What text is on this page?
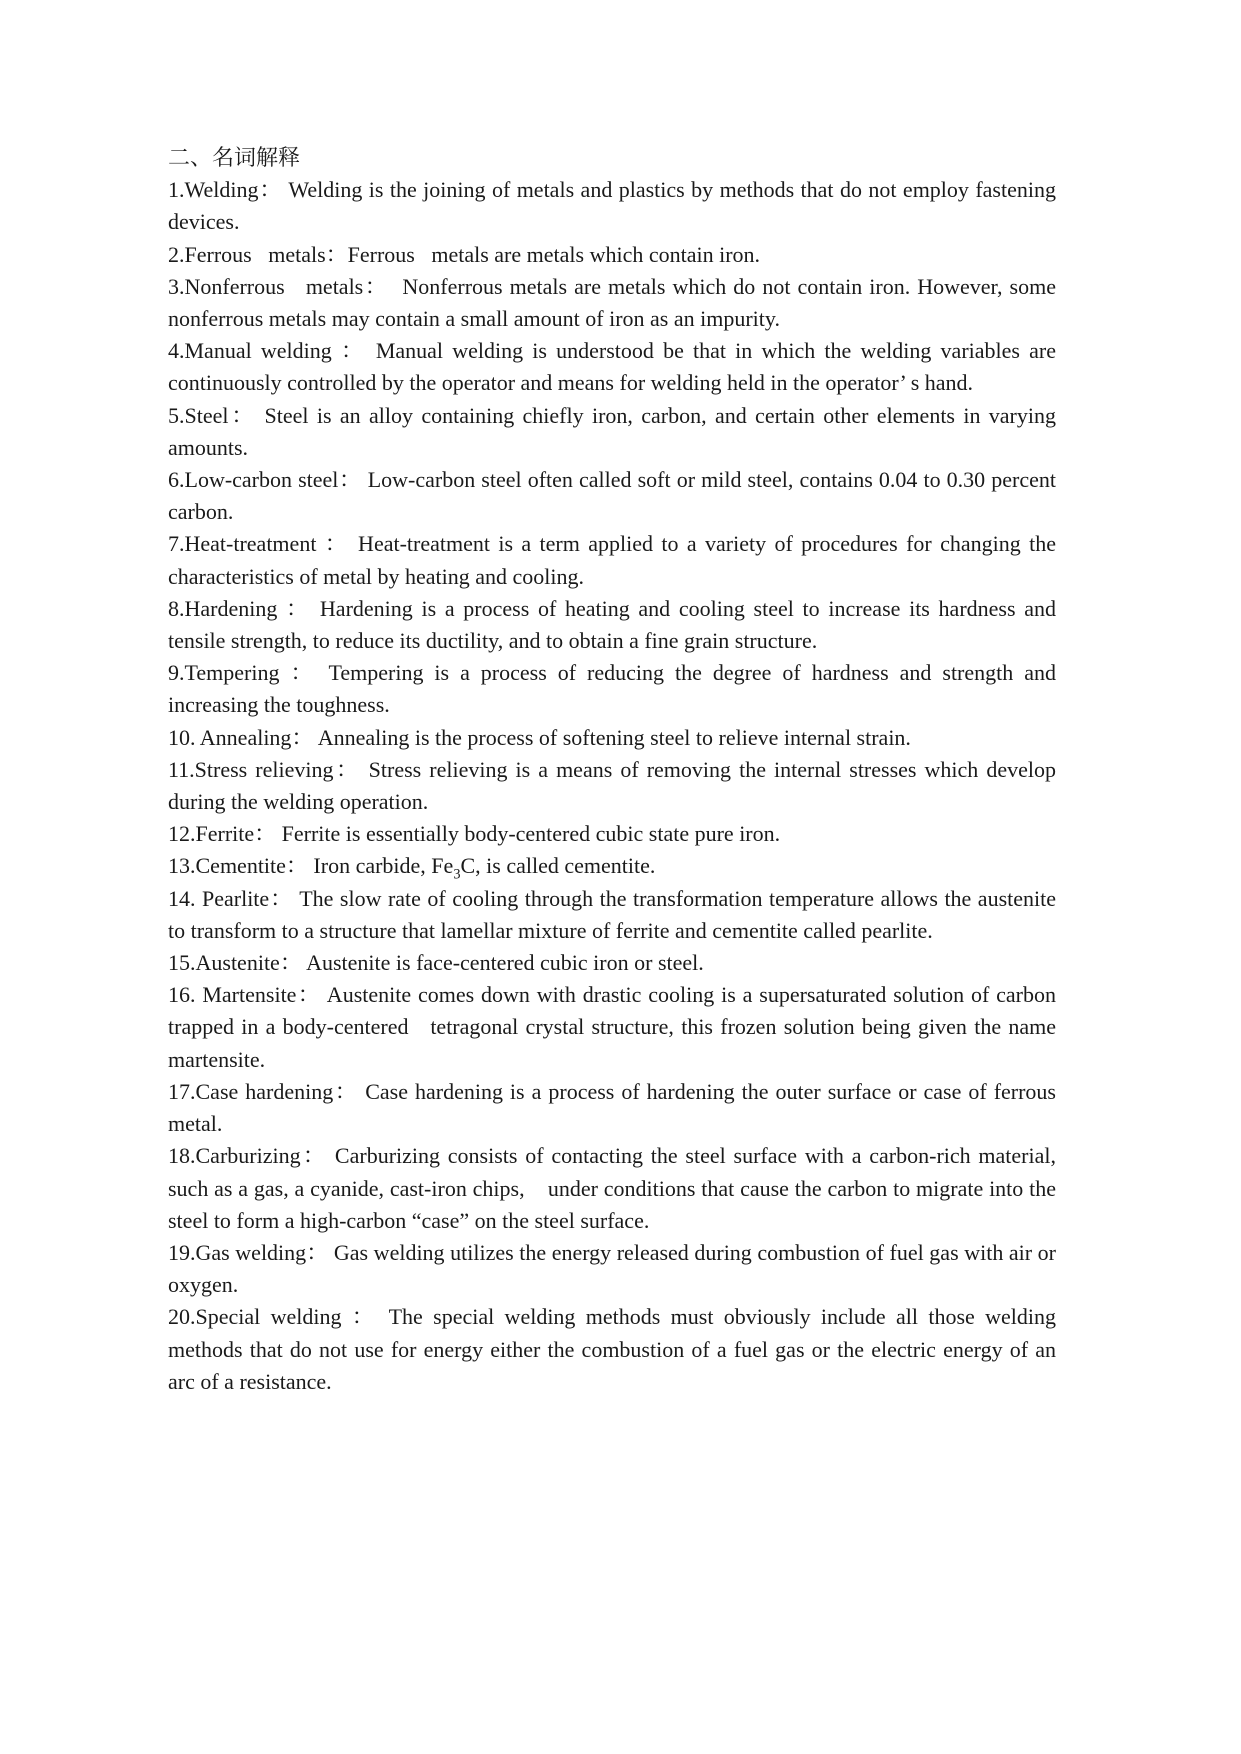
二、名词解释

1.Welding： Welding is the joining of metals and plastics by methods that do not employ fastening devices.

2.Ferrous   metals：Ferrous   metals are metals which contain iron.

3.Nonferrous   metals：  Nonferrous metals are metals which do not contain iron. However, some nonferrous metals may contain a small amount of iron as an impurity.

4.Manual welding ： Manual welding is understood be that in which the welding variables are continuously controlled by the operator and means for welding held in the operator’ s hand.

5.Steel： Steel is an alloy containing chiefly iron, carbon, and certain other elements in varying amounts.

6.Low-carbon steel： Low-carbon steel often called soft or mild steel, contains 0.04 to 0.30 percent carbon.

7.Heat-treatment ： Heat-treatment is a term applied to a variety of procedures for changing the characteristics of metal by heating and cooling.

8.Hardening ： Hardening is a process of heating and cooling steel to increase its hardness and tensile strength, to reduce its ductility, and to obtain a fine grain structure.

9.Tempering ： Tempering is a process of reducing the degree of hardness and strength and increasing the toughness.

10. Annealing： Annealing is the process of softening steel to relieve internal strain.

11.Stress relieving： Stress relieving is a means of removing the internal stresses which develop during the welding operation.

12.Ferrite： Ferrite is essentially body-centered cubic state pure iron.

13.Cementite： Iron carbide, $Fe_3C$, is called cementite.

14. Pearlite： The slow rate of cooling through the transformation temperature allows the austenite to transform to a structure that lamellar mixture of ferrite and cementite called pearlite.

15.Austenite： Austenite is face-centered cubic iron or steel.

16. Martensite： Austenite comes down with drastic cooling is a supersaturated solution of carbon trapped in a body-centered   tetragonal crystal structure, this frozen solution being given the name martensite.

17.Case hardening： Case hardening is a process of hardening the outer surface or case of ferrous metal.

18.Carburizing： Carburizing consists of contacting the steel surface with a carbon-rich material, such as a gas, a cyanide, cast-iron chips,    under conditions that cause the carbon to migrate into the steel to form a high-carbon “case” on the steel surface.

19.Gas welding： Gas welding utilizes the energy released during combustion of fuel gas with air or oxygen.

20.Special welding ： The special welding methods must obviously include all those welding methods that do not use for energy either the combustion of a fuel gas or the electric energy of an arc of a resistance.
